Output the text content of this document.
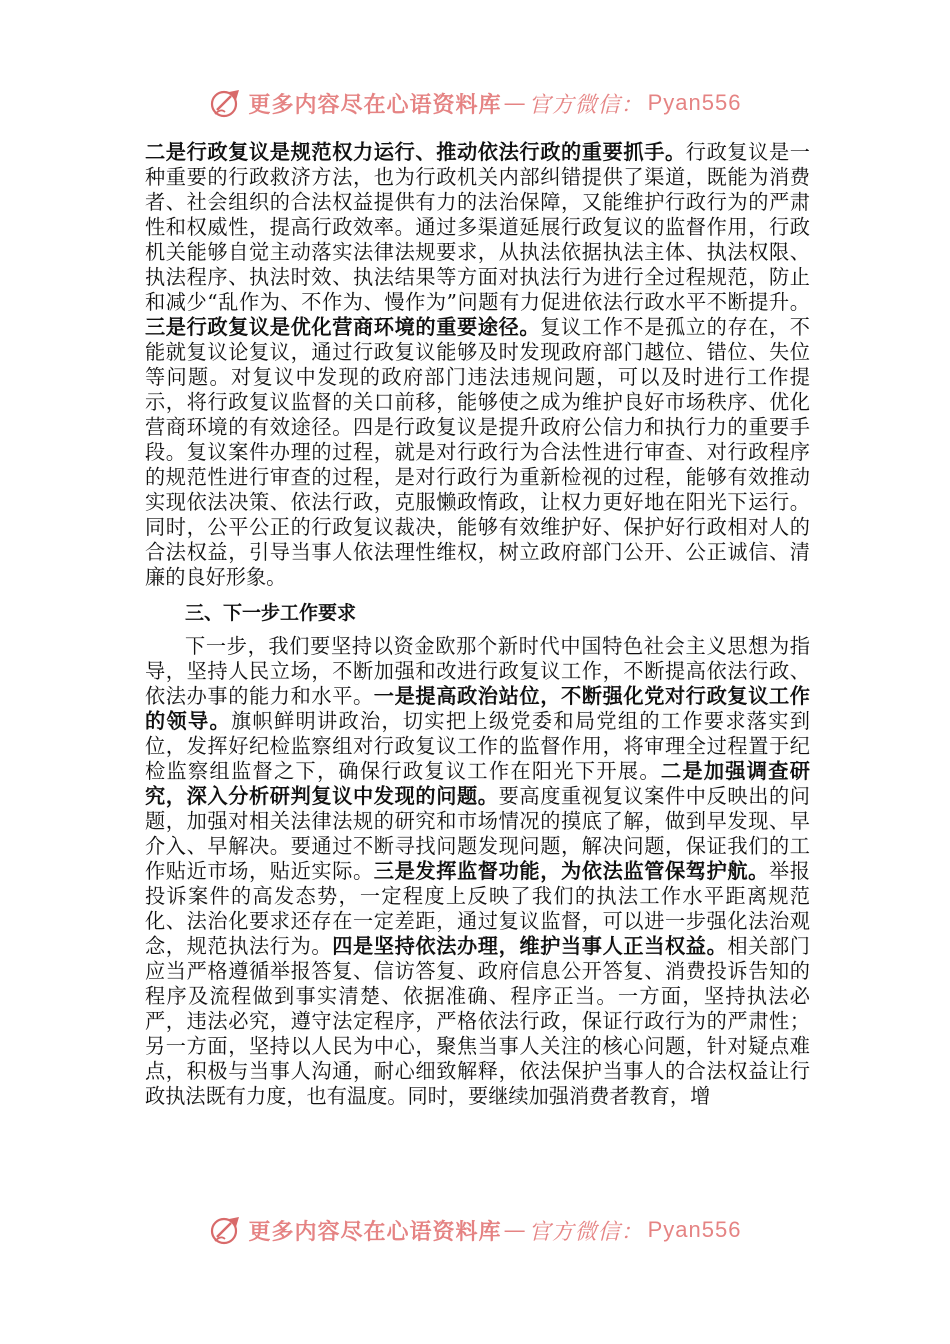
更多内容尽在心语资料库 — 官方微信： Pyan556

二是行政复议是规范权力运行、推动依法行政的重要抓手。行政复议是一种重要的行政救济方法，也为行政机关内部纠错提供了渠道，既能为消费者、社会组织的合法权益提供有力的法治保障，又能维护行政行为的严肃性和权威性，提高行政效率。通过多渠道延展行政复议的监督作用，行政机关能够自觉主动落实法律法规要求，从执法依据执法主体、执法权限、执法程序、执法时效、执法结果等方面对执法行为进行全过程规范，防止和减少“乱作为、不作为、慢作为”问题有力促进依法行政水平不断提升。三是行政复议是优化营商环境的重要途径。复议工作不是孤立的存在，不能就复议论复议，通过行政复议能够及时发现政府部门越位、错位、失位等问题。对复议中发现的政府部门违法违规问题，可以及时进行工作提示，将行政复议监督的关口前移，能够使之成为维护良好市场秩序、优化营商环境的有效途径。四是行政复议是提升政府公信力和执行力的重要手段。复议案件办理的过程，就是对行政行为合法性进行审查、对行政程序的规范性进行审查的过程，是对行政行为重新检视的过程，能够有效推动实现依法决策、依法行政，克服懒政惰政，让权力更好地在阳光下运行。同时，公平公正的行政复议裁决，能够有效维护好、保护好行政相对人的合法权益，引导当事人依法理性维权，树立政府部门公开、公正诚信、清廉的良好形象。

三、下一步工作要求

下一步，我们要坚持以资金欧那个新时代中国特色社会主义思想为指导，坚持人民立场，不断加强和改进行政复议工作，不断提高依法行政、依法办事的能力和水平。一是提高政治站位，不断强化党对行政复议工作的领导。旗帜鲜明讲政治，切实把上级党委和局党组的工作要求落实到位，发挥好纪检监察组对行政复议工作的监督作用，将审理全过程置于纪检监察组监督之下，确保行政复议工作在阳光下开展。二是加强调查研究，深入分析研判复议中发现的问题。要高度重视复议案件中反映出的问题，加强对相关法律法规的研究和市场情况的摸底了解，做到早发现、早介入、早解决。要通过不断寻找问题发现问题，解决问题，保证我们的工作贴近市场，贴近实际。三是发挥监督功能，为依法监管保驾护航。举报投诉案件的高发态势，一定程度上反映了我们的执法工作水平距离规范化、法治化要求还存在一定差距，通过复议监督，可以进一步强化法治观念，规范执法行为。四是坚持依法办理，维护当事人正当权益。相关部门应当严格遵循举报答复、信访答复、政府信息公开答复、消费投诉告知的程序及流程做到事实清楚、依据准确、程序正当。一方面，坚持执法必严，违法必究，遵守法定程序，严格依法行政，保证行政行为的严肃性；另一方面，坚持以人民为中心，聚焦当事人关注的核心问题，针对疑点难点，积极与当事人沟通，耐心细致解释，依法保护当事人的合法权益让行政执法既有力度，也有温度。同时，要继续加强消费者教育，增

更多内容尽在心语资料库 — 官方微信： Pyan556
